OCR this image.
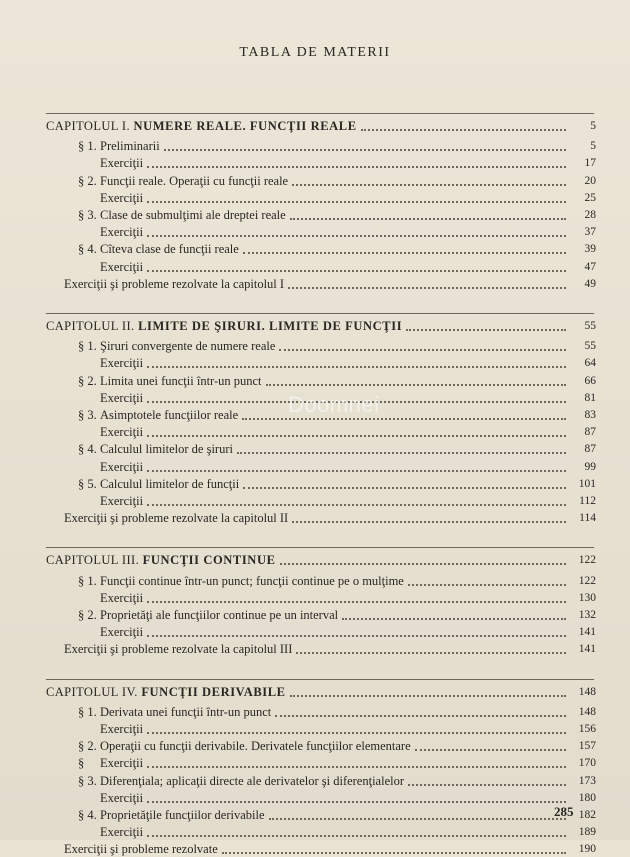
TABLA DE MATERII
CAPITOLUL I. NUMERE REALE. FUNCŢII REALE	5
§ 1. Preliminarii	5
Exerciţii	17
§ 2. Funcţii reale. Operaţii cu funcţii reale	20
Exerciţii	25
§ 3. Clase de submulţimi ale dreptei reale	28
Exerciţii	37
§ 4. Cîteva clase de funcţii reale	39
Exerciţii	47
Exerciţii şi probleme rezolvate la capitolul I	49
CAPITOLUL II. LIMITE DE ŞIRURI. LIMITE DE FUNCŢII	55
§ 1. Şiruri convergente de numere reale	55
Exerciţii	64
§ 2. Limita unei funcţii într-un punct	66
Exerciţii	81
§ 3. Asimptotele funcţiilor reale	83
Exerciţii	87
§ 4. Calculul limitelor de şiruri	87
Exerciţii	99
§ 5. Calculul limitelor de funcţii	101
Exerciţii	112
Exerciţii şi probleme rezolvate la capitolul II	114
CAPITOLUL III. FUNCŢII CONTINUE	122
§ 1. Funcţii continue într-un punct; funcţii continue pe o mulţime	122
Exerciţii	130
§ 2. Proprietăţi ale funcţiilor continue pe un interval	132
Exerciţii	141
Exerciţii şi probleme rezolvate la capitolul III	141
CAPITOLUL IV. FUNCŢII DERIVABILE	148
§ 1. Derivata unei funcţii într-un punct	148
Exerciţii	156
§ 2. Operaţii cu funcţii derivabile. Derivatele funcţiilor elementare	157
§ Exerciţii	170
§ 3. Diferenţiala; aplicaţii directe ale derivatelor şi diferenţialelor	173
Exerciţii	180
§ 4. Proprietăţile funcţiilor derivabile	182
Exerciţii	189
Exerciţii şi probleme rezolvate	190
Doomnei
285
